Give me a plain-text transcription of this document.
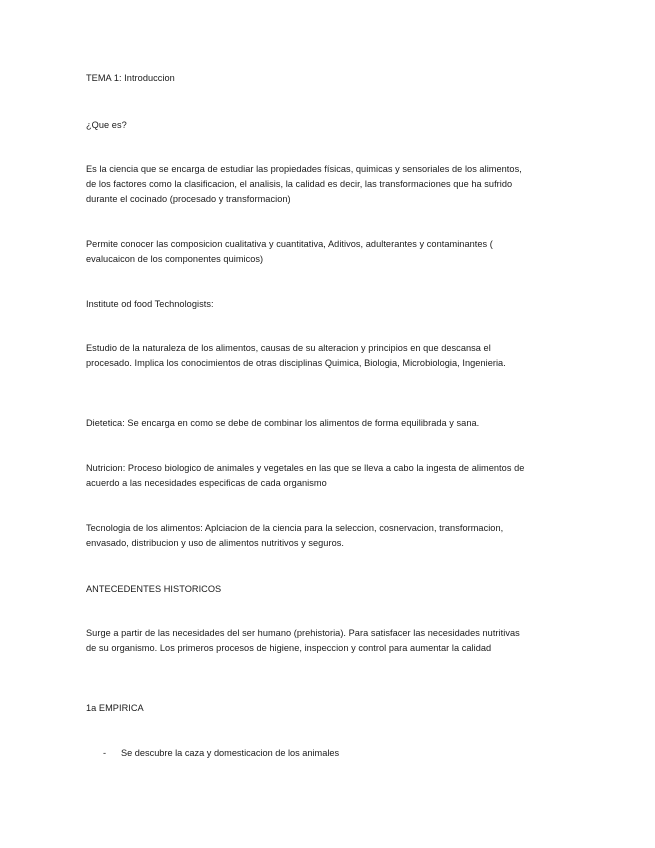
TEMA 1: Introduccion

¿Que es?

Es la ciencia que se encarga de estudiar las propiedades físicas, quimicas y sensoriales de los alimentos, de los factores como la clasificacion, el analisis, la calidad es decir, las transformaciones que ha sufrido durante el cocinado (procesado y transformacion)

Permite conocer las composicion cualitativa y cuantitativa, Aditivos, adulterantes y contaminantes ( evalucaicon de los componentes quimicos)

Institute od food Technologists:

Estudio de la naturaleza de los alimentos, causas de su alteracion y principios en que descansa el procesado. Implica los conocimientos de otras disciplinas Quimica, Biologia, Microbiologia, Ingenieria.

Dietetica: Se encarga en como se debe de combinar los alimentos de forma equilibrada y sana.

Nutricion: Proceso biologico de animales y vegetales en las que se lleva a cabo la ingesta de alimentos de acuerdo a las necesidades especificas de cada organismo

Tecnologia de los alimentos: Aplciacion de la ciencia para la seleccion, cosnervacion, transformacion, envasado, distribucion y uso de alimentos nutritivos y seguros.

ANTECEDENTES HISTORICOS

Surge a partir de las necesidades del ser humano (prehistoria). Para satisfacer las necesidades nutritivas de su organismo. Los primeros procesos de higiene, inspeccion y control para aumentar la calidad

1a EMPIRICA

-	Se descubre la caza y domesticacion de los animales
